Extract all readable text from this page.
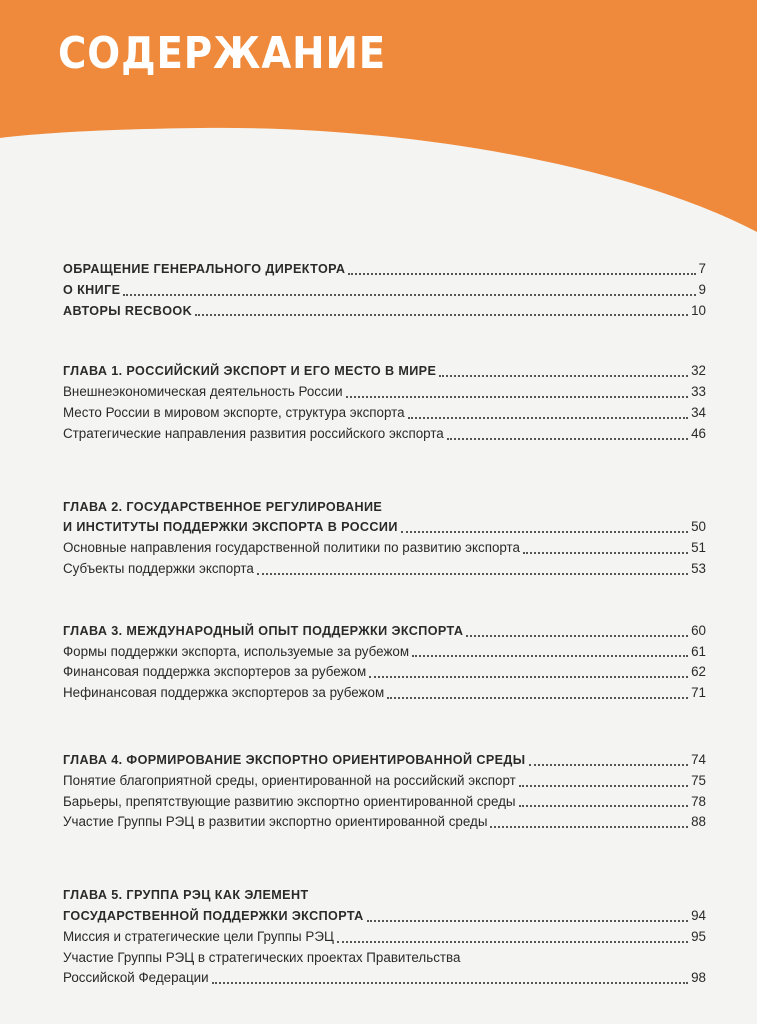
СОДЕРЖАНИЕ
ОБРАЩЕНИЕ ГЕНЕРАЛЬНОГО ДИРЕКТОРА	7
О КНИГЕ	9
АВТОРЫ RECBOOK	10
ГЛАВА 1. РОССИЙСКИЙ ЭКСПОРТ И ЕГО МЕСТО В МИРЕ	32
Внешнеэкономическая деятельность России	33
Место России в мировом экспорте, структура экспорта	34
Стратегические направления развития российского экспорта	46
ГЛАВА 2. ГОСУДАРСТВЕННОЕ РЕГУЛИРОВАНИЕ
И ИНСТИТУТЫ ПОДДЕРЖКИ ЭКСПОРТА В РОССИИ	50
Основные направления государственной политики по развитию экспорта	51
Субъекты поддержки экспорта	53
ГЛАВА 3. МЕЖДУНАРОДНЫЙ ОПЫТ ПОДДЕРЖКИ ЭКСПОРТА	60
Формы поддержки экспорта, используемые за рубежом	61
Финансовая поддержка экспортеров за рубежом	62
Нефинансовая поддержка экспортеров за рубежом	71
ГЛАВА 4. ФОРМИРОВАНИЕ ЭКСПОРТНО ОРИЕНТИРОВАННОЙ СРЕДЫ	74
Понятие благоприятной среды, ориентированной на российский экспорт	75
Барьеры, препятствующие развитию экспортно ориентированной среды	78
Участие Группы РЭЦ в развитии экспортно ориентированной среды	88
ГЛАВА 5. ГРУППА РЭЦ КАК ЭЛЕМЕНТ
ГОСУДАРСТВЕННОЙ ПОДДЕРЖКИ ЭКСПОРТА	94
Миссия и стратегические цели Группы РЭЦ	95
Участие Группы РЭЦ в стратегических проектах Правительства
Российской Федерации	98
